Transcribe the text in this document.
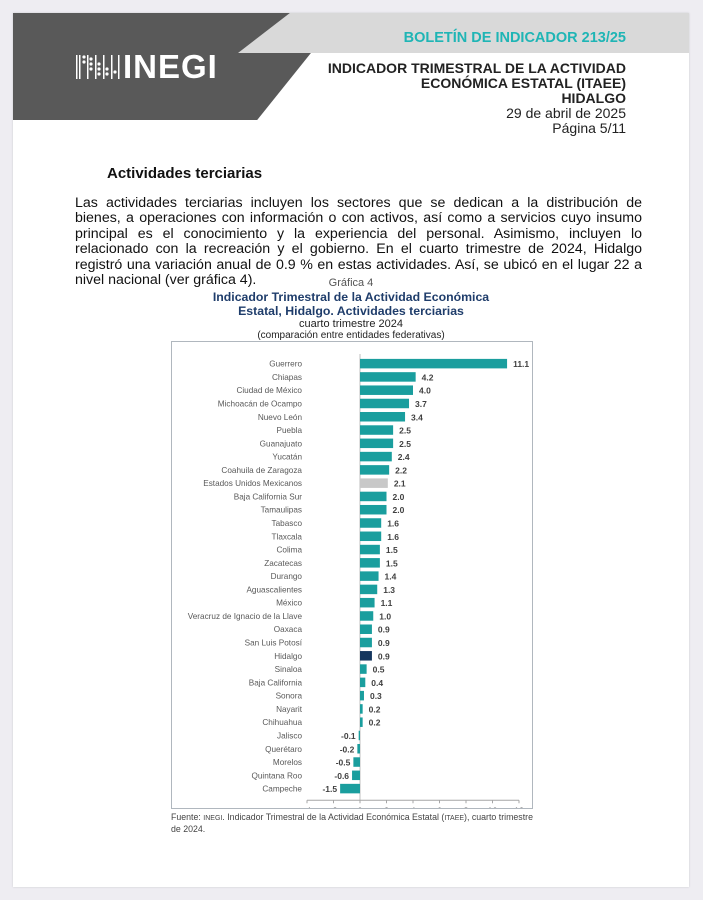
INEGI
BOLETÍN DE INDICADOR 213/25
INDICADOR TRIMESTRAL DE LA ACTIVIDAD
ECONÓMICA ESTATAL (ITAEE)
HIDALGO
29 de abril de 2025
Página 5/11
Actividades terciarias
Las actividades terciarias incluyen los sectores que se dedican a la distribución de bienes, a operaciones con información o con activos, así como a servicios cuyo insumo principal es el conocimiento y la experiencia del personal. Asimismo, incluyen lo relacionado con la recreación y el gobierno. En el cuarto trimestre de 2024, Hidalgo registró una variación anual de 0.9 % en estas actividades. Así, se ubicó en el lugar 22 a nivel nacional (ver gráfica 4).	Gráfica 4
Indicador Trimestral de la Actividad Económica
Estatal, Hidalgo. Actividades terciarias
cuarto trimestre 2024
(comparación entre entidades federativas)
Guerrero	11.1
Chiapas	4.2
Ciudad de México	4.0
Michoacán de Ocampo	3.7
Nuevo León	3.4
Puebla	2.5
Guanajuato	2.5
Yucatán	2.4
Coahuila de Zaragoza	2.2
Estados Unidos Mexicanos	2.1
Baja California Sur	2.0
Tamaulipas	2.0
Tabasco	1.6
Tlaxcala	1.6
Colima	1.5
Zacatecas	1.5
Durango	1.4
Aguascalientes	1.3
México	1.1
Veracruz de Ignacio de la Llave	1.0
Oaxaca	0.9
San Luis Potosí	0.9
Hidalgo	0.9
Sinaloa	0.5
Baja California	0.4
Sonora	0.3
Nayarit	0.2
Chihuahua	0.2
Jalisco	-0.1
Querétaro	-0.2
Morelos	-0.5
Quintana Roo	-0.6
Campeche -1.5
Fuente: INEGI. Indicador Trimestral de la Actividad Económica Estatal (ITAEE), cuarto trimestre de 2024.
